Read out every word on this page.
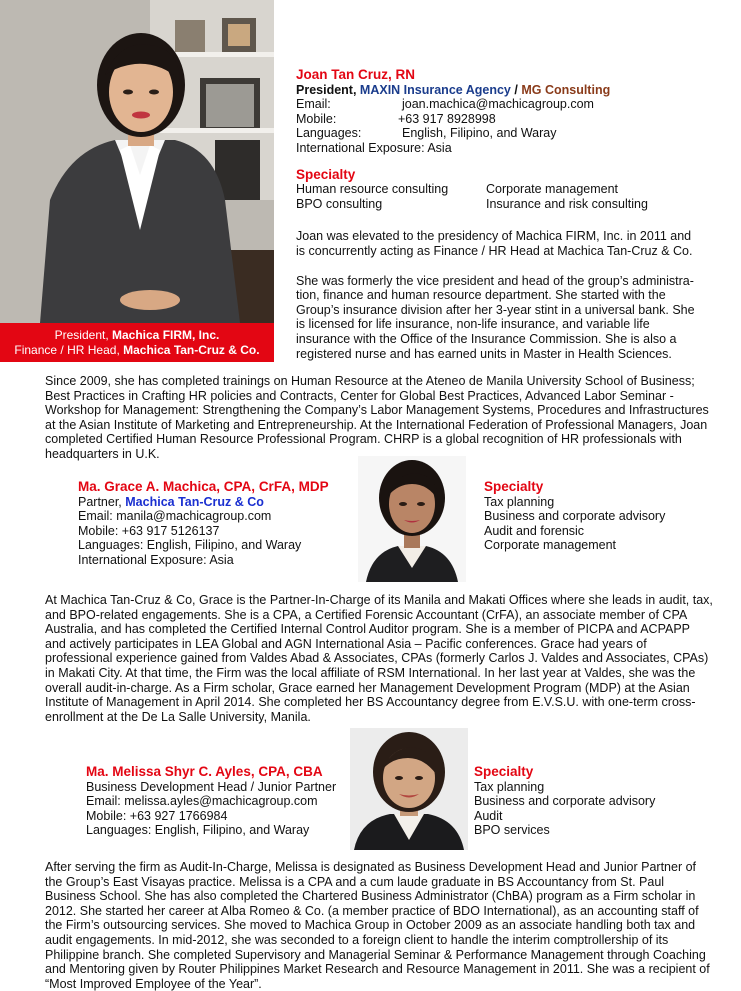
President, Machica FIRM, Inc.
Finance / HR Head, Machica Tan-Cruz & Co.
Joan Tan Cruz, RN
President, MAXIN Insurance Agency / MG Consulting
Email:	joan.machica@machicagroup.com
Mobile:	+63 917 8928998
Languages:	English, Filipino, and Waray
International Exposure: Asia
Specialty
Human resource consulting	Corporate management
BPO consulting	Insurance and risk consulting

Joan was elevated to the presidency of Machica FIRM, Inc. in 2011 and is concurrently acting as Finance / HR Head at Machica Tan-Cruz & Co.

She was formerly the vice president and head of the group’s administra-tion, finance and human resource department. She started with the Group’s insurance division after her 3-year stint in a universal bank. She is licensed for life insurance, non-life insurance, and variable life insurance with the Office of the Insurance Commission. She is also a registered nurse and has earned units in Master in Health Sciences.

Since 2009, she has completed trainings on Human Resource at the Ateneo de Manila University School of Business; Best Practices in Crafting HR policies and Contracts, Center for Global Best Practices, Advanced Labor Seminar - Workshop for Management: Strengthening the Company’s Labor Management Systems, Procedures and Infrastructures at the Asian Institute of Marketing and Entrepreneurship. At the International Federation of Professional Managers, Joan completed Certified Human Resource Professional Program. CHRP is a global recognition of HR professionals with headquarters in U.K.

Ma. Grace A. Machica, CPA, CrFA, MDP
Partner, Machica Tan-Cruz & Co
Email: manila@machicagroup.com
Mobile: +63 917 5126137
Languages: English, Filipino, and Waray
International Exposure: Asia
Specialty
Tax planning
Business and corporate advisory
Audit and forensic
Corporate management

At Machica Tan-Cruz & Co, Grace is the Partner-In-Charge of its Manila and Makati Offices where she leads in audit, tax, and BPO-related engagements. She is a CPA, a Certified Forensic Accountant (CrFA), an associate member of CPA Australia, and has completed the Certified Internal Control Auditor program. She is a member of PICPA and ACPAPP and actively participates in LEA Global and AGN International Asia – Pacific conferences. Grace had years of professional experience gained from Valdes Abad & Associates, CPAs (formerly Carlos J. Valdes and Associates, CPAs) in Makati City. At that time, the Firm was the local affiliate of RSM International. In her last year at Valdes, she was the overall audit-in-charge. As a Firm scholar, Grace earned her Management Development Program (MDP) at the Asian Institute of Management in April 2014. She completed her BS Accountancy degree from E.V.S.U. with one-term cross-enrollment at the De La Salle University, Manila.

Ma. Melissa Shyr C. Ayles, CPA, CBA
Business Development Head / Junior Partner
Email: melissa.ayles@machicagroup.com
Mobile: +63 927 1766984
Languages: English, Filipino, and Waray
Specialty
Tax planning
Business and corporate advisory
Audit
BPO services

After serving the firm as Audit-In-Charge, Melissa is designated as Business Development Head and Junior Partner of the Group’s East Visayas practice. Melissa is a CPA and a cum laude graduate in BS Accountancy from St. Paul Business School. She has also completed the Chartered Business Administrator (ChBA) program as a Firm scholar in 2012. She started her career at Alba Romeo & Co. (a member practice of BDO International), as an accounting staff of the Firm’s outsourcing services. She moved to Machica Group in October 2009 as an associate handling both tax and audit engagements. In mid-2012, she was seconded to a foreign client to handle the interim comptrollership of its Philippine branch. She completed Supervisory and Managerial Seminar & Performance Management through Coaching and Mentoring given by Router Philippines Market Research and Resource Management in 2011. She was a recipient of “Most Improved Employee of the Year”.
